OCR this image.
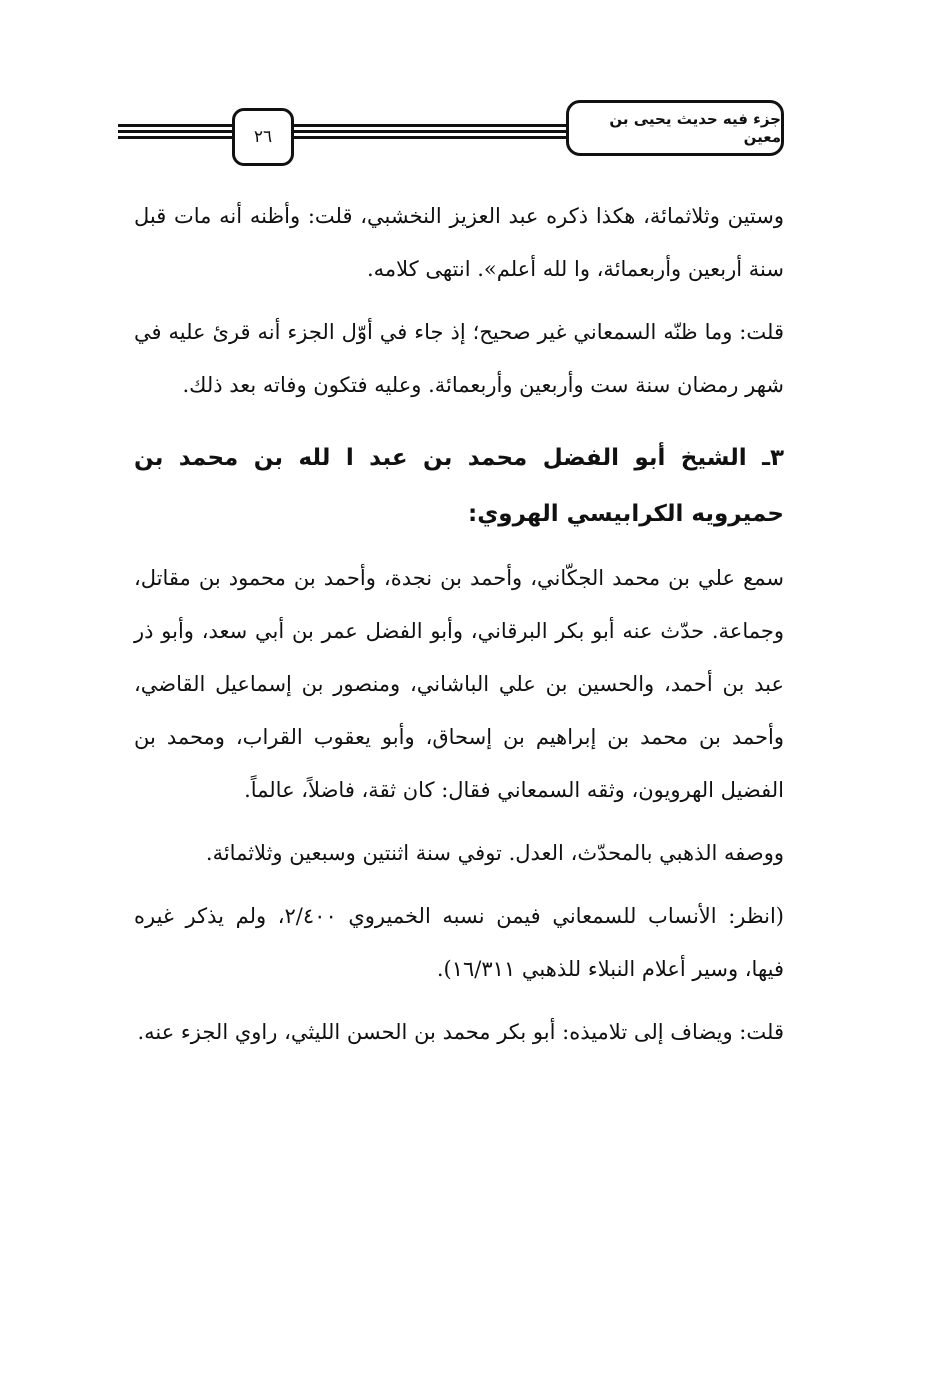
٢٦
جزء فيه حديث يحيى بن معين

وستين وثلاثمائة، هكذا ذكره عبد العزيز النخشبي، قلت: وأظنه أنه مات قبل سنة أربعين وأربعمائة، وا لله أعلم». انتهى كلامه.

قلت: وما ظنّه السمعاني غير صحيح؛ إذ جاء في أوّل الجزء أنه قرئ عليه في شهر رمضان سنة ست وأربعين وأربعمائة. وعليه فتكون وفاته بعد ذلك.

٣ـ الشيخ أبو الفضل محمد بن عبد ا لله بن محمد بن حميرويه الكرابيسي الهروي:

سمع علي بن محمد الجكّاني، وأحمد بن نجدة، وأحمد بن محمود بن مقاتل، وجماعة. حدّث عنه أبو بكر البرقاني، وأبو الفضل عمر بن أبي سعد، وأبو ذر عبد بن أحمد، والحسين بن علي الباشاني، ومنصور بن إسماعيل القاضي، وأحمد بن محمد بن إبراهيم بن إسحاق، وأبو يعقوب القراب، ومحمد بن الفضيل الهرويون، وثقه السمعاني فقال: كان ثقة، فاضلاً، عالماً.

ووصفه الذهبي بالمحدّث، العدل. توفي سنة اثنتين وسبعين وثلاثمائة.

(انظر: الأنساب للسمعاني فيمن نسبه الخميروي ٢/٤٠٠، ولم يذكر غيره فيها، وسير أعلام النبلاء للذهبي ١٦/٣١١).

قلت: ويضاف إلى تلاميذه: أبو بكر محمد بن الحسن الليثي، راوي الجزء عنه.
